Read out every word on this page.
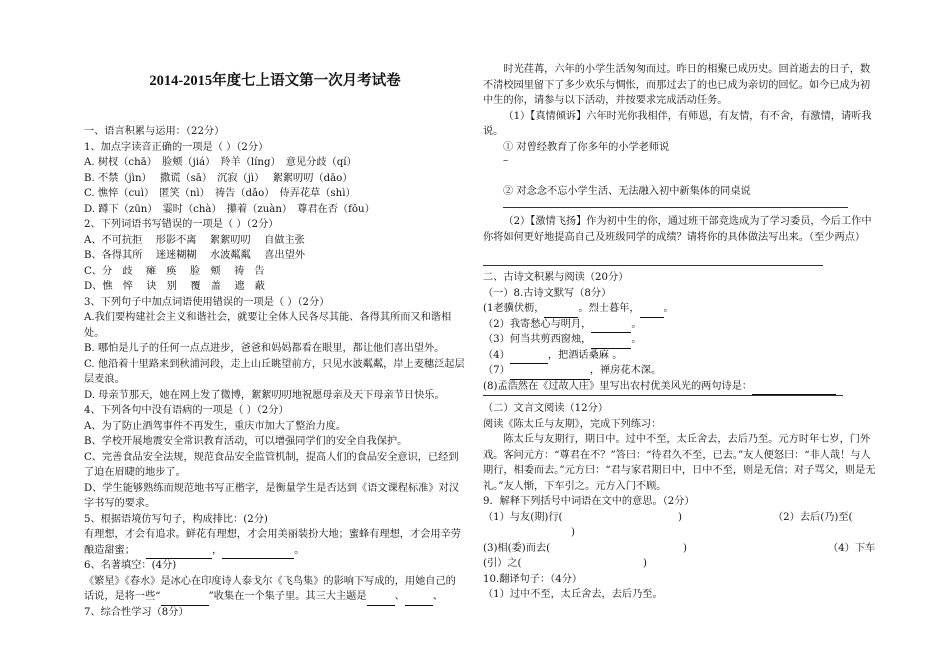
2014-2015年度七上语文第一次月考试卷
一、语言积累与运用：（22分）
1、加点字读音正确的一项是（ ）（2分）
A. 树杈（chā）　脸颊（jiá）　羚羊（líng）　意见分歧（qí）
B. 不禁（jìn）　 撒谎（sā）　沉寂（jì）　 絮絮叨叨（dāo）
C. 憔悴（cuì）　匿笑（nì）　祷告（dǎo）　侍弄花草（shì）
D. 蹲下（zūn）　霎时（chà）　攥着（zuàn）　尊君在否（fǒu）
2、下列词语书写错误的一项是（ ）（2分）
A、不可抗拒　 形影不离　 絮絮叨叨　 自做主张
B、各得其所　 迷迷糊糊　 水波粼粼　 喜出望外
C、分　歧　 瘫　痪　 脸　颊　 祷　告
D、憔　悴　 诀　别　 覆　盖　 遮　蔽
3、下列句子中加点词语使用错误的一项是（ ）（2分）
A.我们要构建社会主义和谐社会，就要让全体人民各尽其能、各得其所而又和谐相处。
B. 哪怕是儿子的任何一点点进步，爸爸和妈妈都看在眼里，都让他们喜出望外。
C. 他沿着十里路来到秋浦河段，走上山丘眺望前方，只见水波粼粼，岸上麦穗泛起层层麦浪。
D. 母亲节那天，她在网上发了微博，絮絮叨叨地祝愿母亲及天下母亲节日快乐。
4、下列各句中没有语病的一项是（ ）（2分）
A、为了防止酒驾事件不再发生，重庆市加大了整治力度。
B、学校开展地震安全常识教育活动，可以增强同学们的安全自我保护。
C、完善食品安全法规，规范食品安全监管机制，提高人们的食品安全意识，已经到了迫在眉睫的地步了。
D、学生能够熟练而规范地书写正楷字，是衡量学生是否达到《语文课程标准》对汉字书写的要求。
5、根据语境仿写句子，构成排比：(2分)
有理想，才会有追求。鲜花有理想，才会用美丽装扮大地；蜜蜂有理想，才会用辛劳酿造甜蜜；	，	。
6、名著填空：(4分)
《繁星》《春水》是冰心在印度诗人泰戈尔《飞鸟集》的影响下写成的，用她自己的话说，是将一些“	”收集在一个集子里。其三大主题是	、	、
7、综合性学习（8分）
时光荏苒，六年的小学生活匆匆而过。昨日的相聚已成历史。回首逝去的日子，数不清校园里留下了多少欢乐与惆怅，而那过去了的也已成为亲切的回忆。如今已成为初中生的你，请参与以下活动，并按要求完成活动任务。
（1）【真情倾诉】六年时光你我相伴，有师恩，有友情，有不舍，有激情，请听我说。
① 对曾经教育了你多年的小学老师说
–
② 对念念不忘小学生活、无法融入初中新集体的同桌说
（2）【激情飞扬】作为初中生的你，通过班干部竞选成为了学习委员，今后工作中你将如何更好地提高自己及班级同学的成绩？请将你的具体做法写出来。（至少两点）
二、古诗文积累与阅读（20分）
（一）8.古诗文默写（8分）
(1老骥伏枥，	。烈士暮年， 。
（2）我寄愁心与明月，	。
（3）何当共剪西窗烛，	。
（4）	，把酒话桑麻 。
（7）	，禅房花木深。
(8)孟浩然在《过故人庄》里写出农村优美风光的两句诗是：
（二）文言文阅读（12分）
阅读《陈太丘与友期》，完成下列练习：
陈太丘与友期行，期日中。过中不至，太丘舍去，去后乃至。元方时年七岁，门外戏。客问元方：“尊君在不？”答曰：“待君久不至，已去。”友人便怒曰：“非人哉！与人期行，相委而去。”元方曰：“君与家君期日中，日中不至，则是无信；对子骂父，则是无礼。”友人惭，下车引之。元方入门不顾。
9．解释下列括号中词语在文中的意思。（2分）
（1）与友(期)行(	)	（2）去后(乃)至(
)
(3)相(委)而去(	)	（4）下车
(引）之(	)
10.翻译句子：（4分）
（1）过中不至，太丘舍去，去后乃至。
